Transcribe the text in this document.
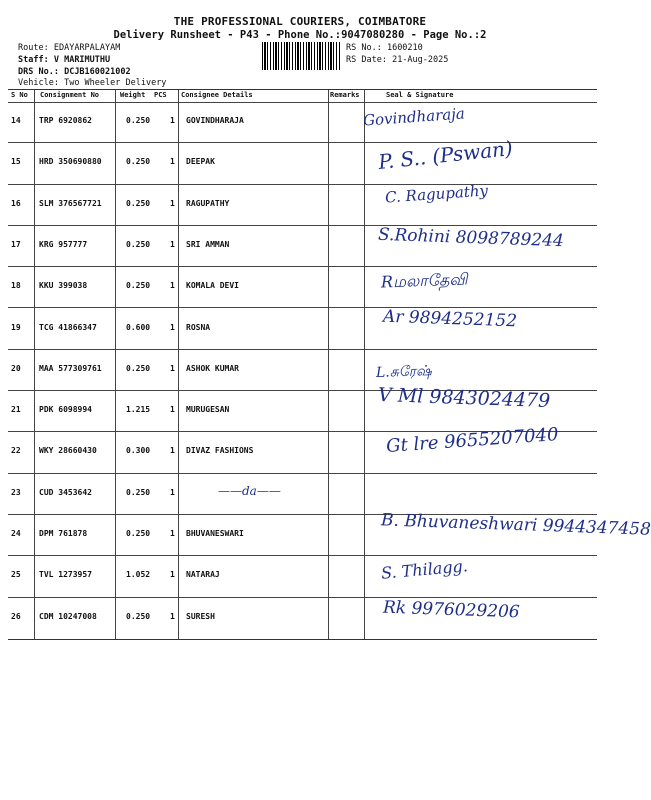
THE PROFESSIONAL COURIERS, COIMBATORE
Delivery Runsheet - P43 - Phone No.:9047080280 - Page No.:2
Route: EDAYARPALAYAM
Staff: V MARIMUTHU
DRS No.: DCJB160021002
Vehicle: Two Wheeler Delivery
RS No.: 1600210
RS Date: 21-Aug-2025
S No Consignment No	Weight PCS Consignee Details	Remarks	Seal & Signature
14 TRP 6920862	0.250 1 GOVINDHARAJA	Govindharaja
15 HRD 350690880	0.250 1 DEEPAK	P. S.. (Pswan)
16 SLM 376567721	0.250 1 RAGUPATHY	C. Ragupathy
17 KRG 957777	0.250 1 SRI AMMAN	S.Rohini 8098789244
18 KKU 399038	0.250 1 KOMALA DEVI	Rமலாதேவி
19 TCG 41866347	0.600 1 ROSNA	Ar 9894252152
20 MAA 577309761	0.250 1 ASHOK KUMAR	L.சுரேஷ்
21 PDK 6098994	1.215 1 MURUGESAN	V Ml 9843024479
22 WKY 28660430	0.300 1 DIVAZ FASHIONS	Gt lre 9655207040
23 CUD 3453642	0.250 1	——da——
24 DPM 761878	0.250 1 BHUVANESWARI	B. Bhuvaneshwari 9944347458
25 TVL 1273957	1.052 1 NATARAJ	S. Thilagg.
26 CDM 10247008	0.250 1 SURESH	Rk 9976029206
